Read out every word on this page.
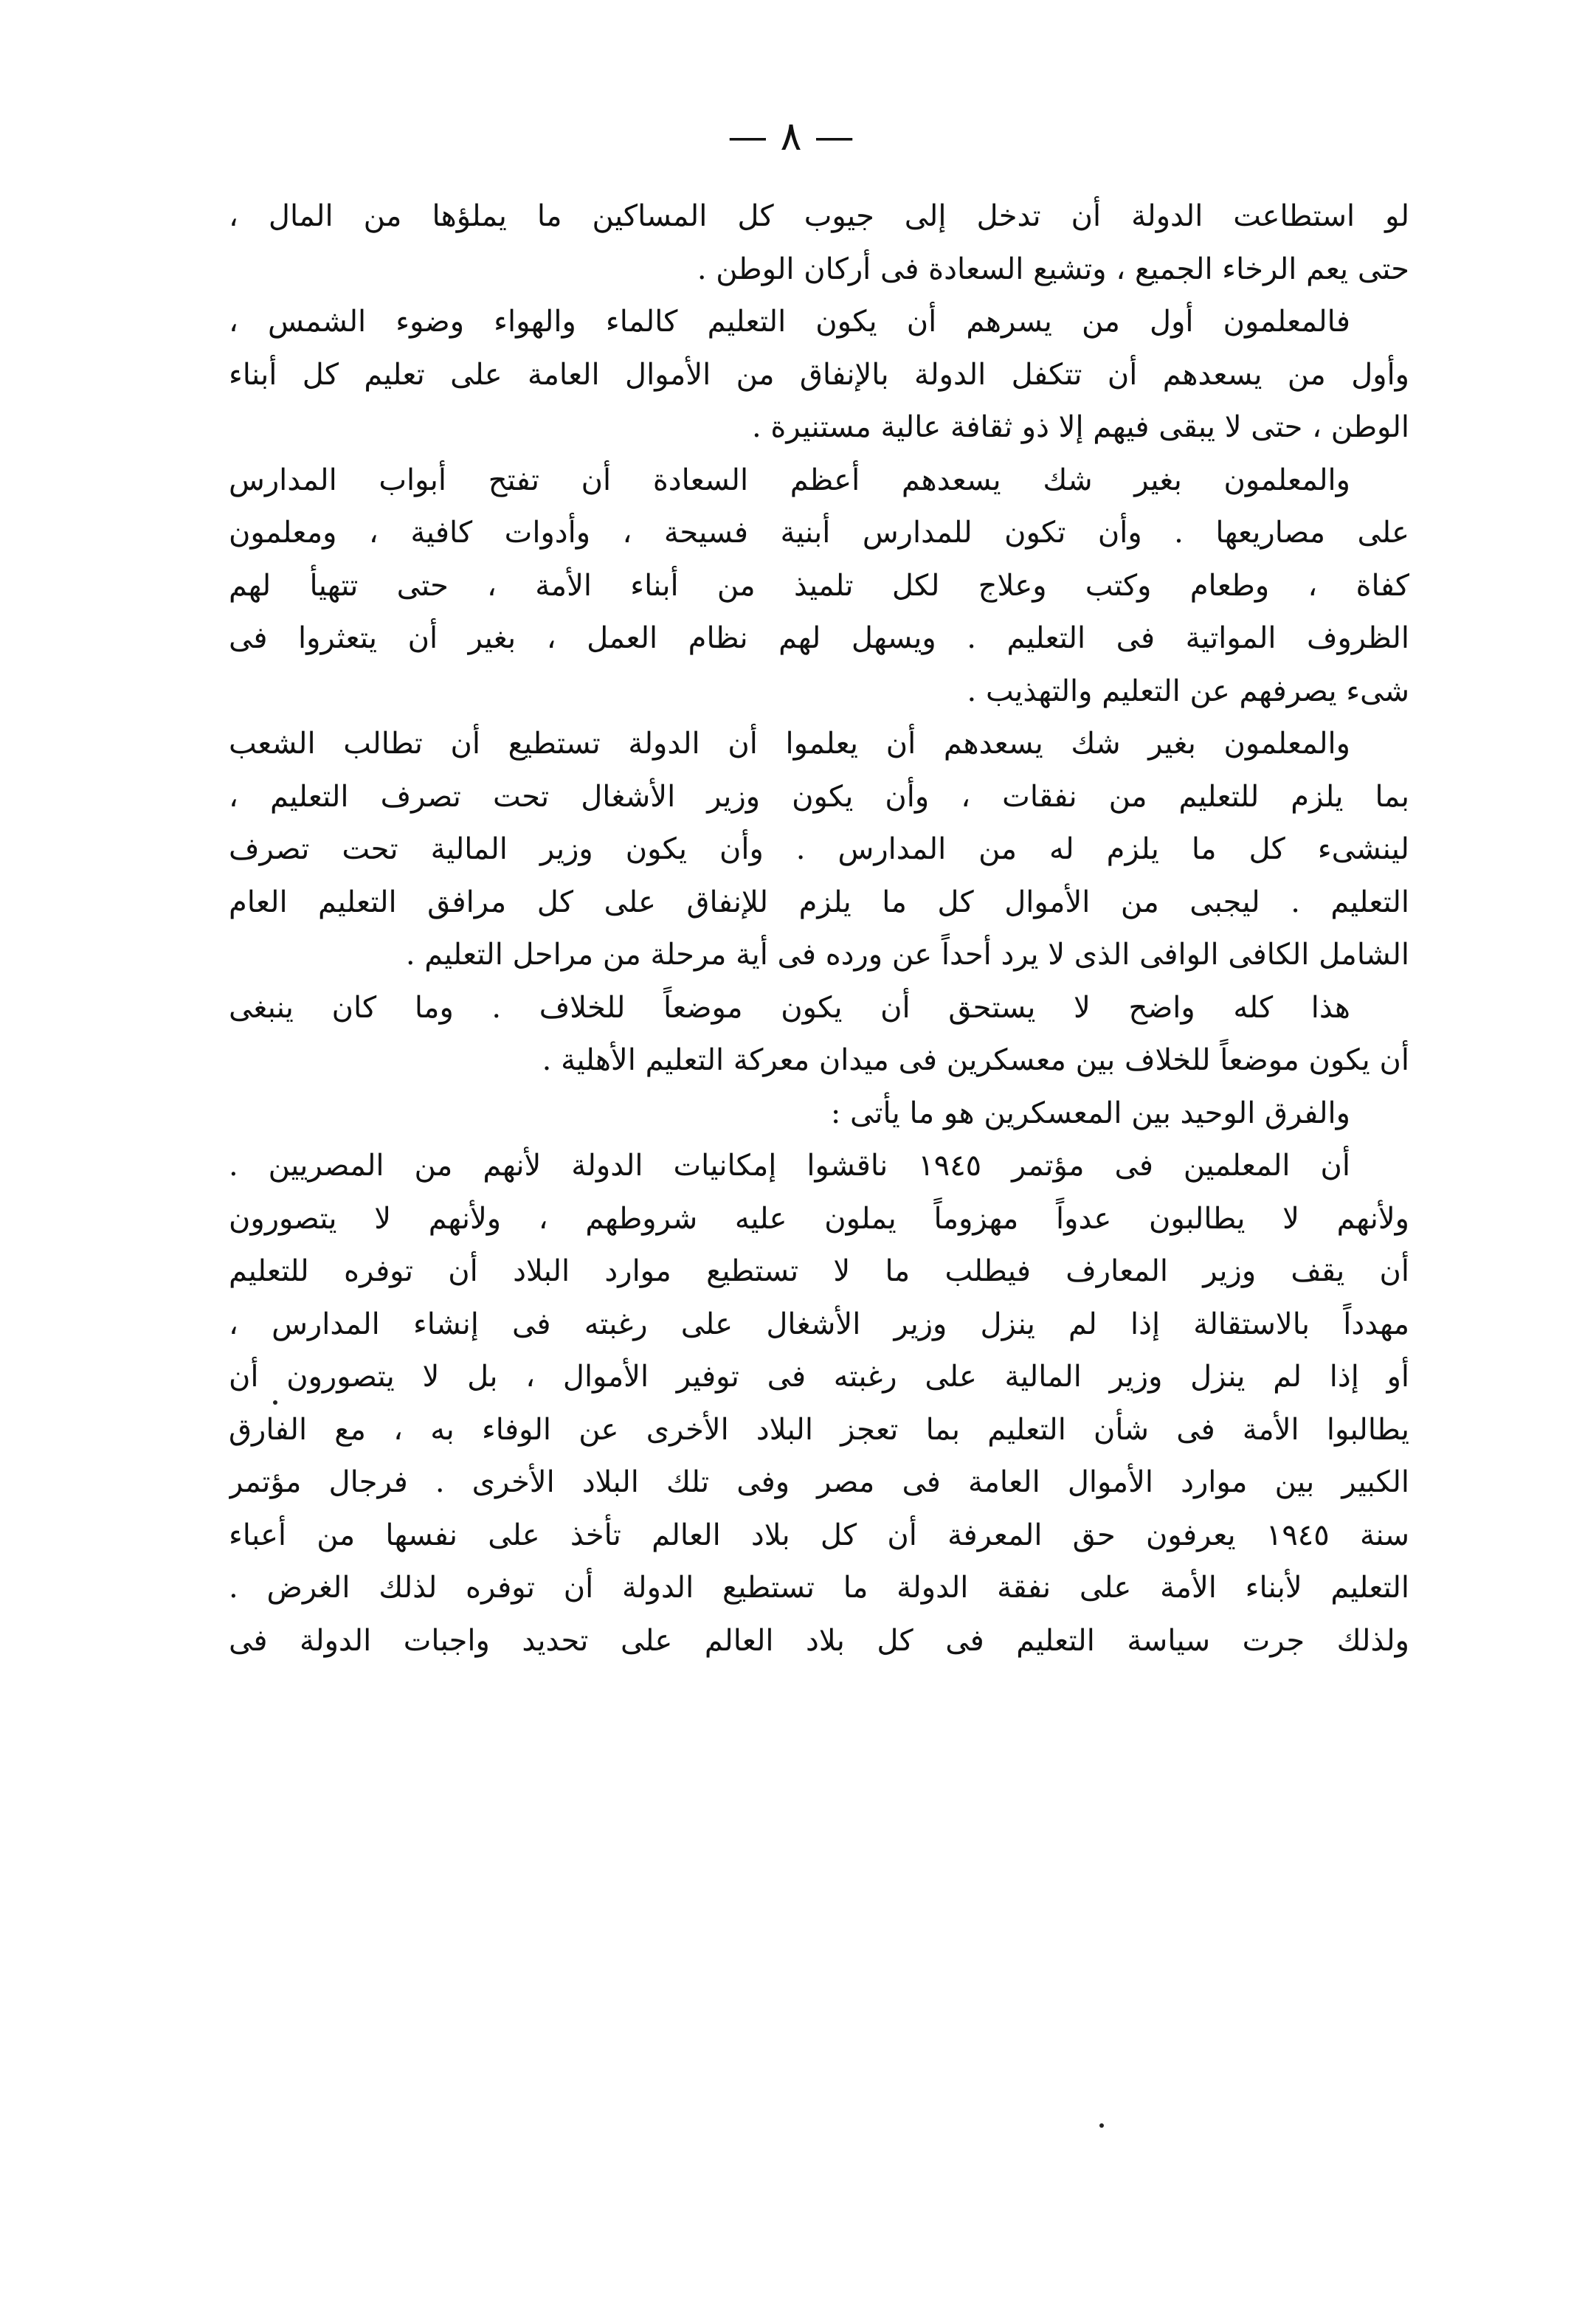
— ٨ —

لو استطاعت الدولة أن تدخل إلى جيوب كل المساكين ما يملؤها من المال ،
حتى يعم الرخاء الجميع ، وتشيع السعادة فى أركان الوطن .

فالمعلمون أول من يسرهم أن يكون التعليم كالماء والهواء وضوء الشمس ،
وأول من يسعدهم أن تتكفل الدولة بالإنفاق من الأموال العامة على تعليم كل أبناء
الوطن ، حتى لا يبقى فيهم إلا ذو ثقافة عالية مستنيرة .

والمعلمون بغير شك يسعدهم أعظم السعادة أن تفتح أبواب المدارس
على مصاريعها . وأن تكون للمدارس أبنية فسيحة ، وأدوات كافية ، ومعلمون
كفاة ، وطعام وكتب وعلاج لكل تلميذ من أبناء الأمة ، حتى تتهيأ لهم
الظروف المواتية فى التعليم . ويسهل لهم نظام العمل ، بغير أن يتعثروا فى
شىء يصرفهم عن التعليم والتهذيب .

والمعلمون بغير شك يسعدهم أن يعلموا أن الدولة تستطيع أن تطالب الشعب
بما يلزم للتعليم من نفقات ، وأن يكون وزير الأشغال تحت تصرف التعليم ،
لينشىء كل ما يلزم له من المدارس . وأن يكون وزير المالية تحت تصرف
التعليم . ليجبى من الأموال كل ما يلزم للإنفاق على كل مرافق التعليم العام
الشامل الكافى الوافى الذى لا يرد أحداً عن ورده فى أية مرحلة من مراحل التعليم .

هذا كله واضح لا يستحق أن يكون موضعاً للخلاف . وما كان ينبغى
أن يكون موضعاً للخلاف بين معسكرين فى ميدان معركة التعليم الأهلية .

والفرق الوحيد بين المعسكرين هو ما يأتى :

أن المعلمين فى مؤتمر ١٩٤٥ ناقشوا إمكانيات الدولة لأنهم من المصريين .
ولأنهم لا يطالبون عدواً مهزوماً يملون عليه شروطهم ، ولأنهم لا يتصورون
أن يقف وزير المعارف فيطلب ما لا تستطيع موارد البلاد أن توفره للتعليم
مهدداً بالاستقالة إذا لم ينزل وزير الأشغال على رغبته فى إنشاء المدارس ،
أو إذا لم ينزل وزير المالية على رغبته فى توفير الأموال ، بل لا يتصورون أن
يطالبوا الأمة فى شأن التعليم بما تعجز البلاد الأخرى عن الوفاء به ، مع الفارق
الكبير بين موارد الأموال العامة فى مصر وفى تلك البلاد الأخرى . فرجال مؤتمر
سنة ١٩٤٥ يعرفون حق المعرفة أن كل بلاد العالم تأخذ على نفسها من أعباء
التعليم لأبناء الأمة على نفقة الدولة ما تستطيع الدولة أن توفره لذلك الغرض .
ولذلك جرت سياسة التعليم فى كل بلاد العالم على تحديد واجبات الدولة فى
